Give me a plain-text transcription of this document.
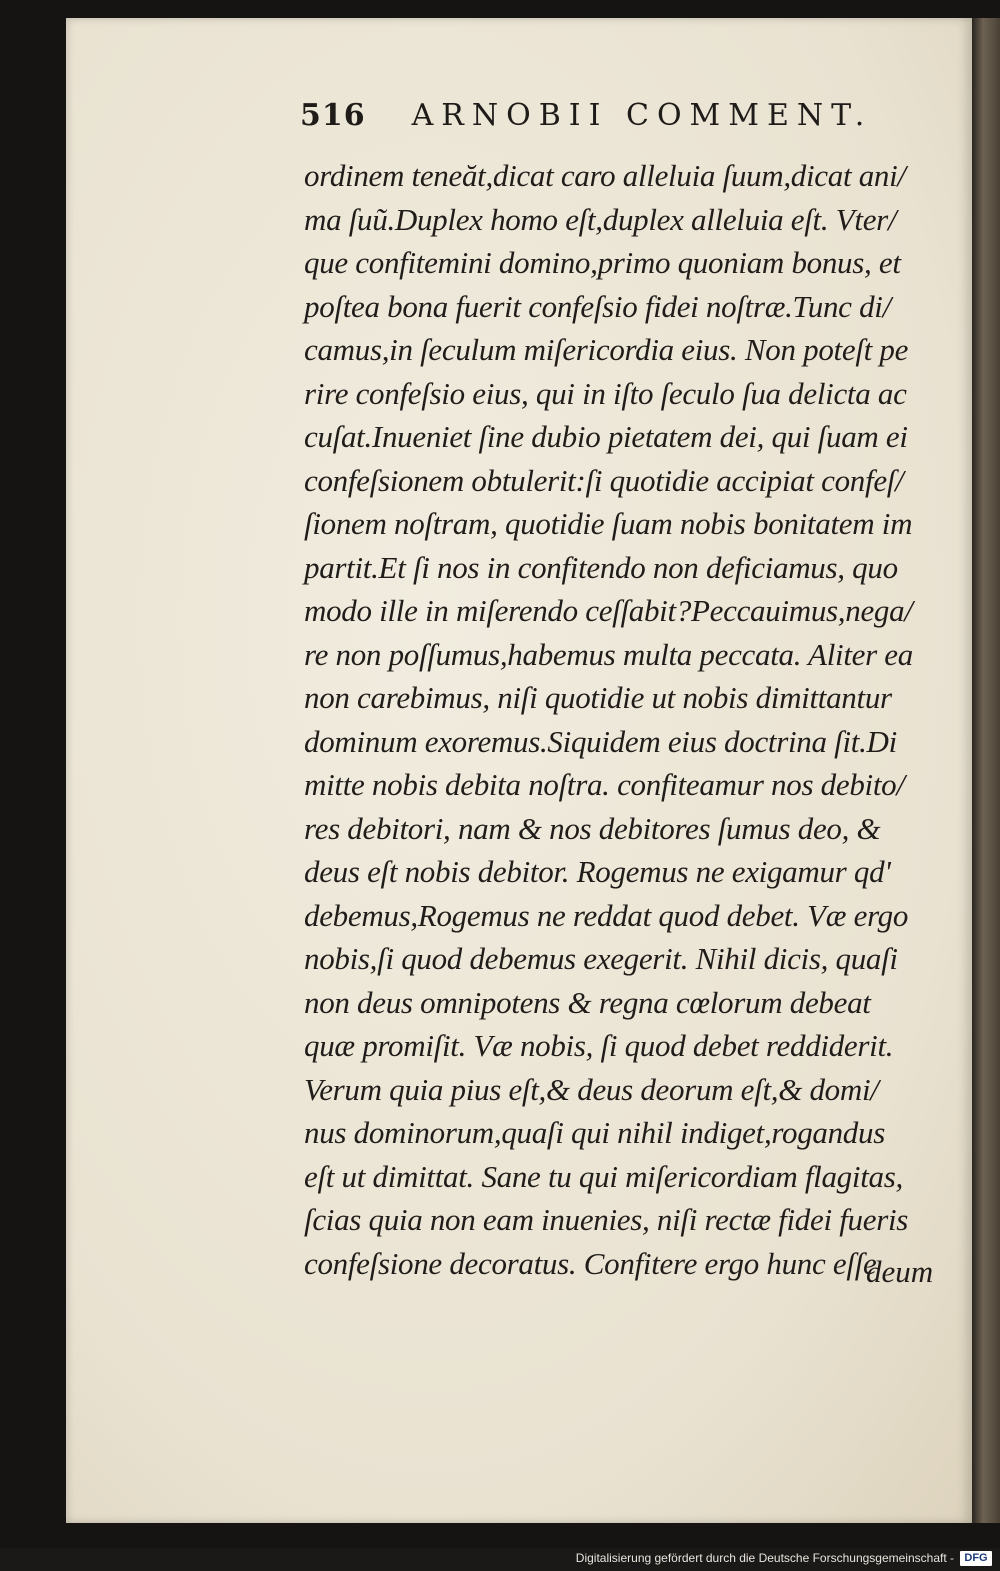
516 ARNOBII COMMENT.
ordinem teneăt,dicat caro alleluia ſuum,dicat ani/
ma ſuũ.Duplex homo eſt,duplex alleluia eſt. Vter/
que confitemini domino,primo quoniam bonus, et
poſtea bona fuerit confeſsio fidei noſtræ.Tunc di/
camus,in ſeculum miſericordia eius. Non poteſt pe
rire confeſsio eius, qui in iſto ſeculo ſua delicta ac
cuſat.Inueniet ſine dubio pietatem dei, qui ſuam ei
confeſsionem obtulerit:ſi quotidie accipiat confeſ/
ſionem noſtram, quotidie ſuam nobis bonitatem im
partit.Et ſi nos in confitendo non deficiamus, quo
modo ille in miſerendo ceſſabit?Peccauimus,nega/
re non poſſumus,habemus multa peccata. Aliter ea
non carebimus, niſi quotidie ut nobis dimittantur
dominum exoremus.Siquidem eius doctrina ſit.Di
mitte nobis debita noſtra. confiteamur nos debito/
res debitori, nam & nos debitores ſumus deo, &
deus eſt nobis debitor. Rogemus ne exigamur qd'
debemus,Rogemus ne reddat quod debet. Væ ergo
nobis,ſi quod debemus exegerit. Nihil dicis, quaſi
non deus omnipotens & regna cœlorum debeat
quæ promiſit. Væ nobis, ſi quod debet reddiderit.
Verum quia pius eſt,& deus deorum eſt,& domi/
nus dominorum,quaſi qui nihil indiget,rogandus
eſt ut dimittat. Sane tu qui miſericordiam flagitas,
ſcias quia non eam inuenies, niſi rectæ fidei fueris
confeſsione decoratus. Confitere ergo hunc eſſe
deum
Digitalisierung gefördert durch die Deutsche Forschungsgemeinschaft - DFG
